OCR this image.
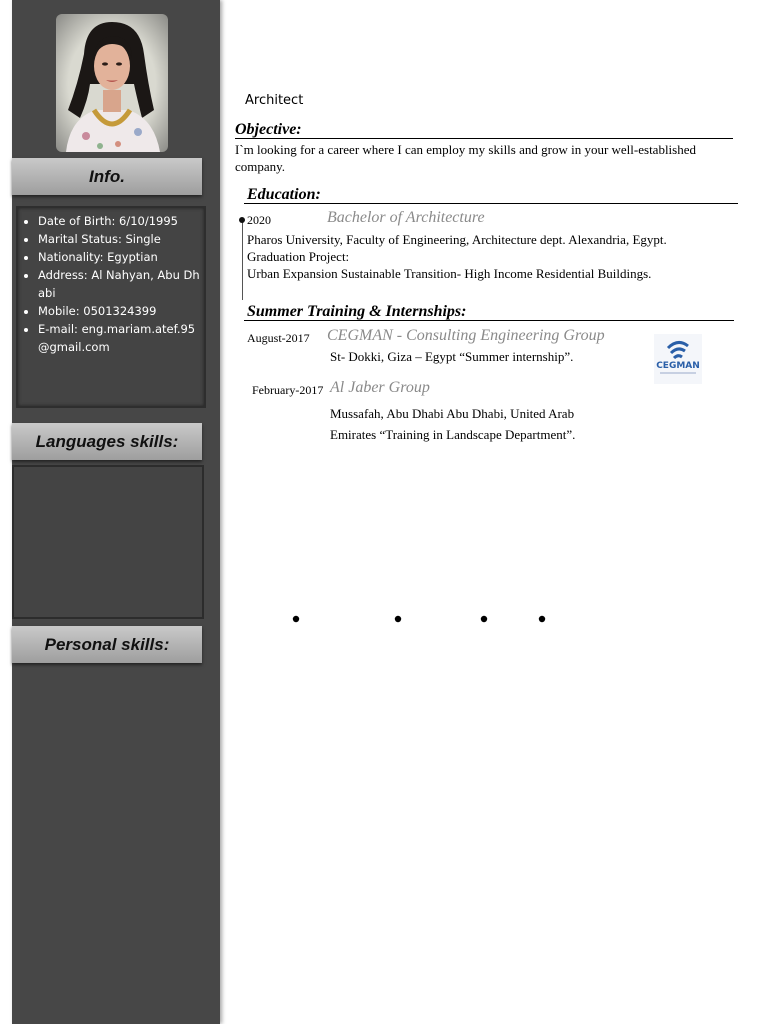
Info.
• Date of Birth: 6/10/1995
• Marital Status: Single
• Nationality: Egyptian
• Address: Al Nahyan, Abu Dhabi
• Mobile: 0501324399
• E-mail: eng.mariam.atef.95@gmail.com
Languages skills:
Personal skills:
Architect
Objective:
I`m looking for a career where I can employ my skills and grow in your well-established company.
Education:
2020	Bachelor of Architecture
Pharos University, Faculty of Engineering, Architecture dept. Alexandria, Egypt.
Graduation Project:
Urban Expansion Sustainable Transition- High Income Residential Buildings.
Summer Training & Internships:
August-2017 CEGMAN - Consulting Engineering Group
St- Dokki, Giza – Egypt “Summer internship”.
CEGMAN
February-2017 Al Jaber Group
Mussafah, Abu Dhabi Abu Dhabi, United Arab Emirates “Training in Landscape Department”.
